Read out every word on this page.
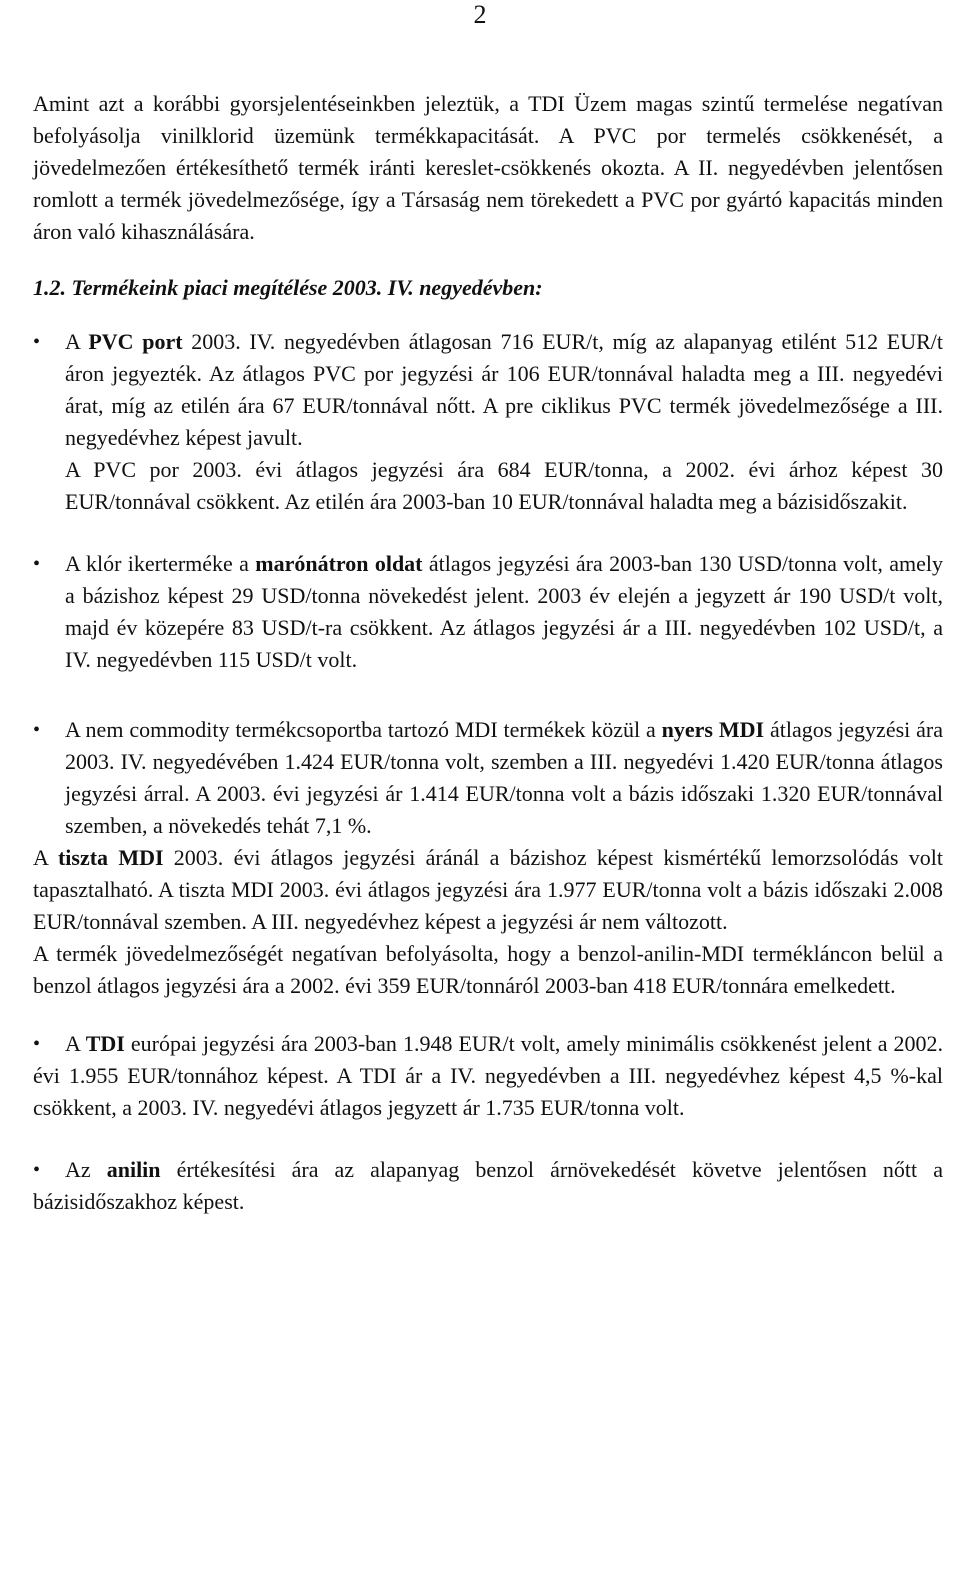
2

Amint azt a korábbi gyorsjelentéseinkben jeleztük, a TDI Üzem magas szintű termelése negatívan befolyásolja vinilklorid üzemünk termékkapacitását. A PVC por termelés csökkenését, a jövedelmezően értékesíthető termék iránti kereslet-csökkenés okozta. A II. negyedévben jelentősen romlott a termék jövedelmezősége, így a Társaság nem törekedett a PVC por gyártó kapacitás minden áron való kihasználására.

1.2. Termékeink piaci megítélése 2003. IV. negyedévben:

•	A PVC port 2003. IV. negyedévben átlagosan 716 EUR/t, míg az alapanyag etilént 512 EUR/t áron jegyezték. Az átlagos PVC por jegyzési ár 106 EUR/tonnával haladta meg a III. negyedévi árat, míg az etilén ára 67 EUR/tonnával nőtt. A pre ciklikus PVC termék jövedelmezősége a III. negyedévhez képest javult.

A PVC por 2003. évi átlagos jegyzési ára 684 EUR/tonna, a 2002. évi árhoz képest 30 EUR/tonnával csökkent. Az etilén ára 2003-ban 10 EUR/tonnával haladta meg a bázisidőszakit.

•	A klór ikerterméke a marónátron oldat átlagos jegyzési ára 2003-ban 130 USD/tonna volt, amely a bázishoz képest 29 USD/tonna növekedést jelent. 2003 év elején a jegyzett ár 190 USD/t volt, majd év közepére 83 USD/t-ra csökkent. Az átlagos jegyzési ár a III. negyedévben 102 USD/t, a IV. negyedévben 115 USD/t volt.

•	A nem commodity termékcsoportba tartozó MDI termékek közül a nyers MDI átlagos jegyzési ára 2003. IV. negyedévében 1.424 EUR/tonna volt, szemben a III. negyedévi 1.420 EUR/tonna átlagos jegyzési árral. A 2003. évi jegyzési ár 1.414 EUR/tonna volt a bázis időszaki 1.320 EUR/tonnával szemben, a növekedés tehát 7,1 %.

A tiszta MDI 2003. évi átlagos jegyzési áránál a bázishoz képest kismértékű lemorzsolódás volt tapasztalható. A tiszta MDI 2003. évi átlagos jegyzési ára 1.977 EUR/tonna volt a bázis időszaki 2.008 EUR/tonnával szemben. A III. negyedévhez képest a jegyzési ár nem változott.

A termék jövedelmezőségét negatívan befolyásolta, hogy a benzol-anilin-MDI termékláncon belül a benzol átlagos jegyzési ára a 2002. évi 359 EUR/tonnáról 2003-ban 418 EUR/tonnára emelkedett.

•	A TDI európai jegyzési ára 2003-ban 1.948 EUR/t volt, amely minimális csökkenést jelent a 2002. évi 1.955 EUR/tonnához képest. A TDI ár a IV. negyedévben a III. negyedévhez képest 4,5 %-kal csökkent, a 2003. IV. negyedévi átlagos jegyzett ár 1.735 EUR/tonna volt.

•	Az anilin értékesítési ára az alapanyag benzol árnövekedését követve jelentősen nőtt a bázisidőszakhoz képest.
